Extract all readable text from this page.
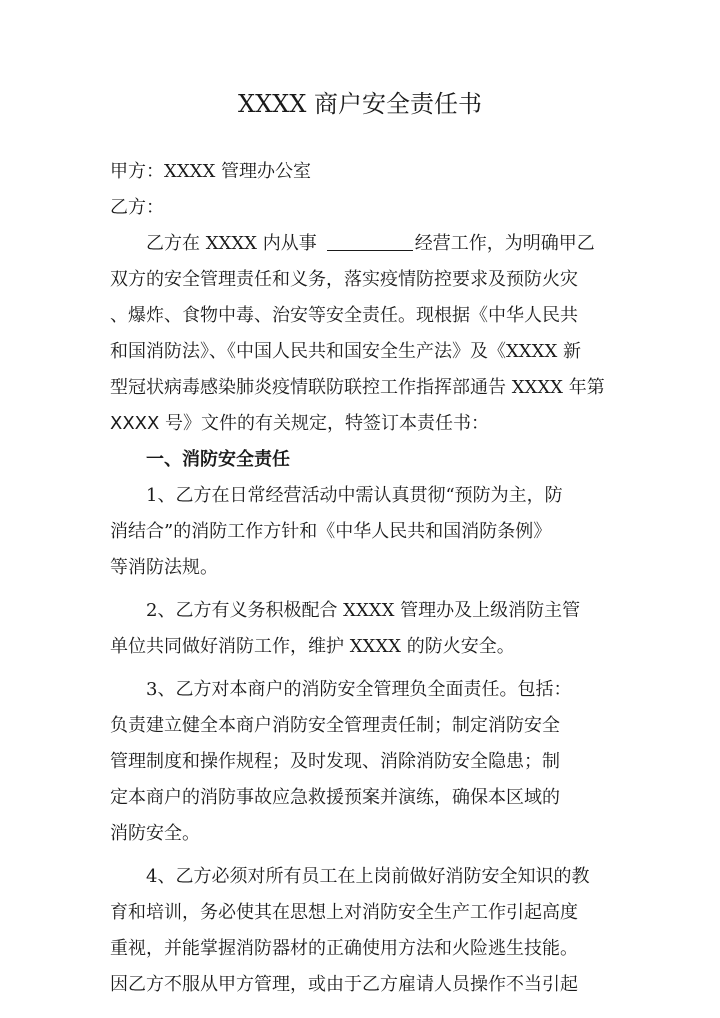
XXXX 商户安全责任书
甲方：XXXX 管理办公室
乙方：
乙方在 XXXX 内从事	经营工作，为明确甲乙
双方的安全管理责任和义务，落实疫情防控要求及预防火灾
、爆炸、食物中毒、治安等安全责任。现根据《中华人民共
和国消防法》、《中国人民共和国安全生产法》及《XXXX 新
型冠状病毒感染肺炎疫情联防联控工作指挥部通告 XXXX 年第
XXXX 号》文件的有关规定，特签订本责任书：
一、消防安全责任
1、乙方在日常经营活动中需认真贯彻“预防为主，防
消结合”的消防工作方针和《中华人民共和国消防条例》
等消防法规。
2、乙方有义务积极配合 XXXX 管理办及上级消防主管
单位共同做好消防工作，维护 XXXX 的防火安全。
3、乙方对本商户的消防安全管理负全面责任。包括：
负责建立健全本商户消防安全管理责任制；制定消防安全
管理制度和操作规程；及时发现、消除消防安全隐患；制
定本商户的消防事故应急救援预案并演练，确保本区域的
消防安全。
4、乙方必须对所有员工在上岗前做好消防安全知识的教
育和培训，务必使其在思想上对消防安全生产工作引起高度
重视，并能掌握消防器材的正确使用方法和火险逃生技能。
因乙方不服从甲方管理，或由于乙方雇请人员操作不当引起
